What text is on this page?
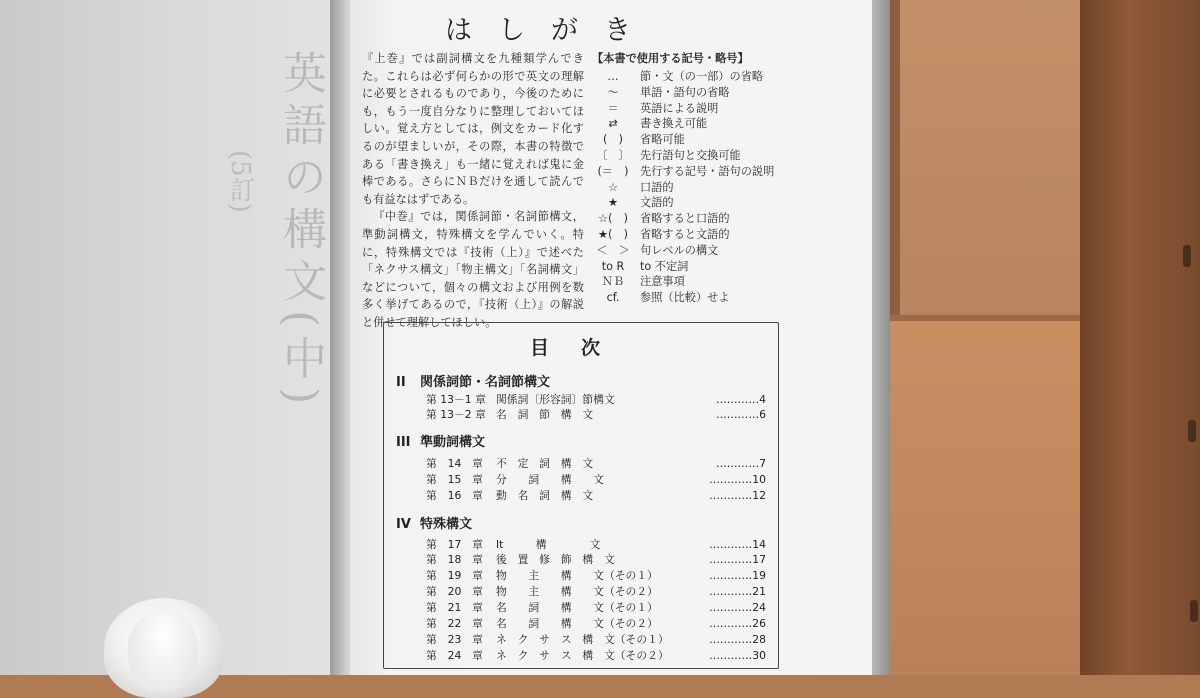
英語の構文(中)
(5訂)
はしがき

『上巻』では副詞構文を九種類学んできた。これらは必ず何らかの形で英文の理解に必要とされるものであり，今後のためにも，もう一度自分なりに整理しておいてほしい。覚え方としては，例文をカード化するのが望ましいが，その際，本書の特徴である「書き換え」も一緒に覚えれば鬼に金棒である。さらにＮＢだけを通して読んでも有益なはずである。

『中巻』では，関係詞節・名詞節構文，準動詞構文，特殊構文を学んでいく。特に，特殊構文では『技術（上）』で述べた「ネクサス構文」「物主構文」「名詞構文」などについて，個々の構文および用例を数多く挙げてあるので，『技術（上）』の解説と併せて理解してほしい。

【本書で使用する記号・略号】
…	節・文（の一部）の省略
～	単語・語句の省略
＝	英語による説明
⇄	書き換え可能
(　)	省略可能
〔　〕 先行語句と交換可能
(＝　)	先行する記号・語句の説明
☆	口語的
★	文語的
☆(　)	省略すると口語的
★(　)	省略すると文語的
＜　＞ 句レベルの構文
to R	to 不定詞
ＮＢ	注意事項
cf.	参照（比較）せよ
目次
II 関係詞節・名詞節構文
第 13－1 章 関係詞〔形容詞〕節構文	…………4
第 13－2 章 名　詞　節　構　文	…………6
III 準動詞構文
第　14　章 不　定　詞　構　文	…………7
第　15　章 分　　詞　　構　　文	…………10
第　16　章 動　名　詞　構　文	…………12
IV 特殊構文
第　17　章 It　　　構　　　　文	…………14
第　18　章 後　置　修　飾　構　文	…………17
第　19　章 物　　主　　構　　文（その１）	…………19
第　20　章 物　　主　　構　　文（その２）	…………21
第　21　章 名　　詞　　構　　文（その１）	…………24
第　22　章 名　　詞　　構　　文（その２）	…………26
第　23　章 ネ　ク　サ　ス　構　文（その１）	…………28
第　24　章 ネ　ク　サ　ス　構　文（その２）	…………30
